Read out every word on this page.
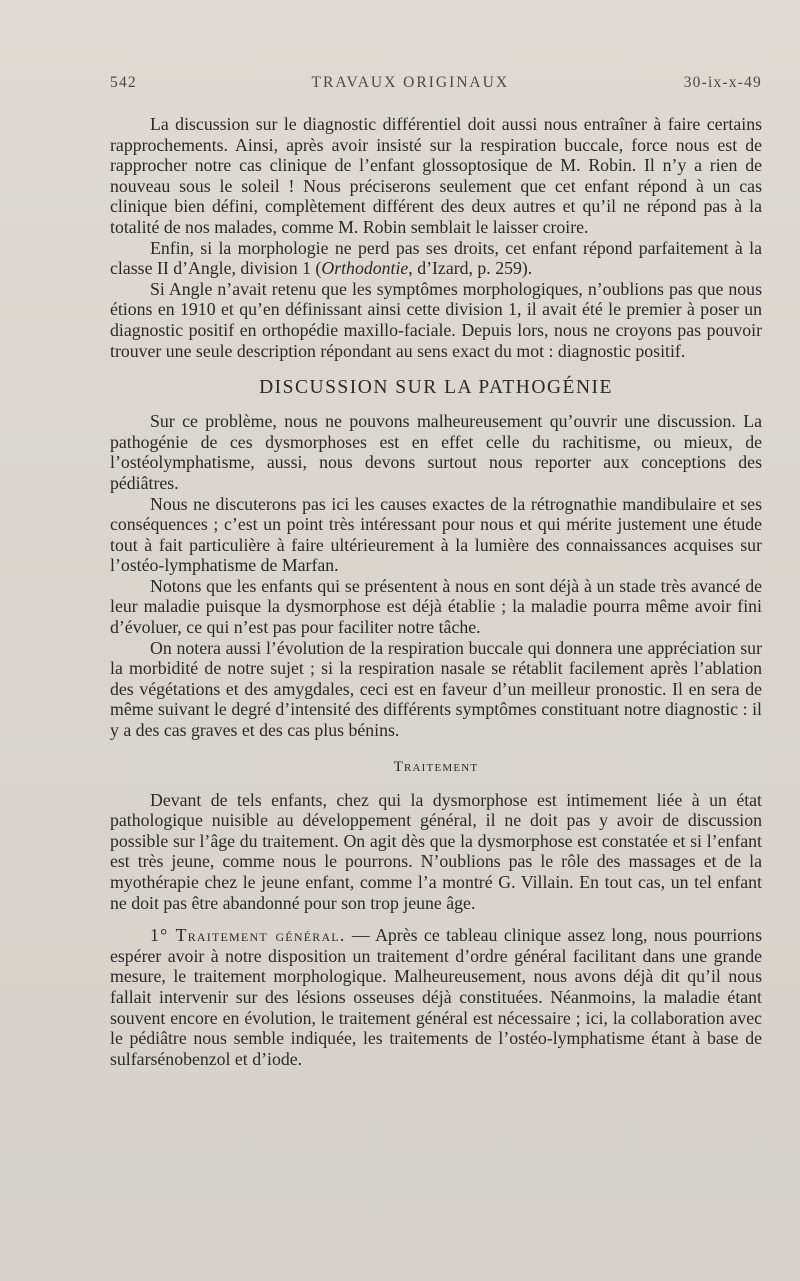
542	TRAVAUX ORIGINAUX	30-ix-x-49

La discussion sur le diagnostic différentiel doit aussi nous entraîner à faire certains rapprochements. Ainsi, après avoir insisté sur la respiration buccale, force nous est de rapprocher notre cas clinique de l’enfant glossoptosique de M. Robin. Il n’y a rien de nouveau sous le soleil ! Nous préciserons seulement que cet enfant répond à un cas clinique bien défini, complètement différent des deux autres et qu’il ne répond pas à la totalité de nos malades, comme M. Robin semblait le laisser croire.

Enfin, si la morphologie ne perd pas ses droits, cet enfant répond parfaitement à la classe II d’Angle, division 1 (Orthodontie, d’Izard, p. 259).

Si Angle n’avait retenu que les symptômes morphologiques, n’oublions pas que nous étions en 1910 et qu’en définissant ainsi cette division 1, il avait été le premier à poser un diagnostic positif en orthopédie maxillo-faciale. Depuis lors, nous ne croyons pas pouvoir trouver une seule description répondant au sens exact du mot : diagnostic positif.

DISCUSSION SUR LA PATHOGÉNIE

Sur ce problème, nous ne pouvons malheureusement qu’ouvrir une discussion. La pathogénie de ces dysmorphoses est en effet celle du rachitisme, ou mieux, de l’ostéolymphatisme, aussi, nous devons surtout nous reporter aux conceptions des pédiâtres.

Nous ne discuterons pas ici les causes exactes de la rétrognathie mandibulaire et ses conséquences ; c’est un point très intéressant pour nous et qui mérite justement une étude tout à fait particulière à faire ultérieurement à la lumière des connaissances acquises sur l’ostéo-lymphatisme de Marfan.

Notons que les enfants qui se présentent à nous en sont déjà à un stade très avancé de leur maladie puisque la dysmorphose est déjà établie ; la maladie pourra même avoir fini d’évoluer, ce qui n’est pas pour faciliter notre tâche.

On notera aussi l’évolution de la respiration buccale qui donnera une appréciation sur la morbidité de notre sujet ; si la respiration nasale se rétablit facilement après l’ablation des végétations et des amygdales, ceci est en faveur d’un meilleur pronostic. Il en sera de même suivant le degré d’intensité des différents symptômes constituant notre diagnostic : il y a des cas graves et des cas plus bénins.

Traitement

Devant de tels enfants, chez qui la dysmorphose est intimement liée à un état pathologique nuisible au développement général, il ne doit pas y avoir de discussion possible sur l’âge du traitement. On agit dès que la dysmorphose est constatée et si l’enfant est très jeune, comme nous le pourrons. N’oublions pas le rôle des massages et de la myothérapie chez le jeune enfant, comme l’a montré G. Villain. En tout cas, un tel enfant ne doit pas être abandonné pour son trop jeune âge.

1° Traitement général. — Après ce tableau clinique assez long, nous pourrions espérer avoir à notre disposition un traitement d’ordre général facilitant dans une grande mesure, le traitement morphologique. Malheureusement, nous avons déjà dit qu’il nous fallait intervenir sur des lésions osseuses déjà constituées. Néanmoins, la maladie étant souvent encore en évolution, le traitement général est nécessaire ; ici, la collaboration avec le pédiâtre nous semble indiquée, les traitements de l’ostéo-lymphatisme étant à base de sulfarsénobenzol et d’iode.
